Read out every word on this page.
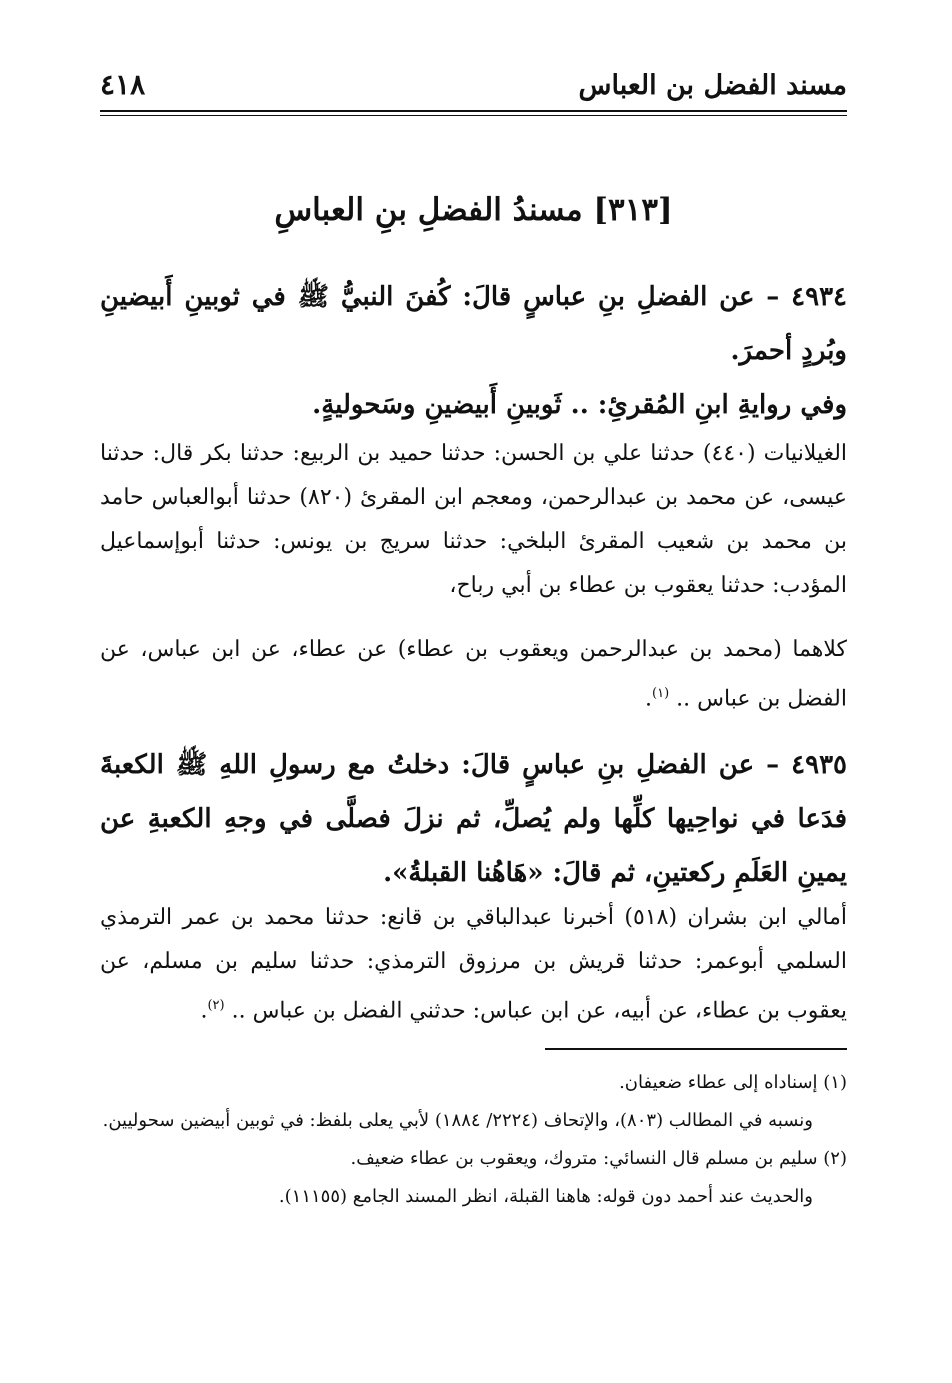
مسند الفضل بن العباس
٤١٨
[٣١٣] مسندُ الفضلِ بنِ العباسِ
٤٩٣٤ – عن الفضلِ بنِ عباسٍ قالَ: كُفنَ النبيُّ ﷺ في ثوبينِ أَبيضينِ وبُردٍ أحمرَ.
وفي روايةِ ابنِ المُقرئِ: .. ثَوبينِ أَبيضينِ وسَحوليةٍ.
الغيلانيات (٤٤٠) حدثنا علي بن الحسن: حدثنا حميد بن الربيع: حدثنا بكر قال: حدثنا عيسى، عن محمد بن عبدالرحمن، ومعجم ابن المقرئ (٨٢٠) حدثنا أبوالعباس حامد بن محمد بن شعيب المقرئ البلخي: حدثنا سريج بن يونس: حدثنا أبوإسماعيل المؤدب: حدثنا يعقوب بن عطاء بن أبي رباح،
كلاهما (محمد بن عبدالرحمن ويعقوب بن عطاء) عن عطاء، عن ابن عباس، عن الفضل بن عباس .. $^{(١)}$.
٤٩٣٥ – عن الفضلِ بنِ عباسٍ قالَ: دخلتُ مع رسولِ اللهِ ﷺ الكعبةَ فدَعا في نواحِيها كلِّها ولم يُصلِّ، ثم نزلَ فصلَّى في وجهِ الكعبةِ عن يمينِ العَلَمِ ركعتينِ، ثم قالَ: «هَاهُنا القبلةُ».
أمالي ابن بشران (٥١٨) أخبرنا عبدالباقي بن قانع: حدثنا محمد بن عمر الترمذي السلمي أبوعمر: حدثنا قريش بن مرزوق الترمذي: حدثنا سليم بن مسلم، عن يعقوب بن عطاء، عن أبيه، عن ابن عباس: حدثني الفضل بن عباس .. $^{(٢)}$.
(١) إسناداه إلى عطاء ضعيفان.
ونسبه في المطالب (٨٠٣)، والإتحاف (٢٢٢٤/ ١٨٨٤) لأبي يعلى بلفظ: في ثوبين أبيضين سحوليين.
(٢) سليم بن مسلم قال النسائي: متروك، ويعقوب بن عطاء ضعيف.
والحديث عند أحمد دون قوله: هاهنا القبلة، انظر المسند الجامع (١١١٥٥).
